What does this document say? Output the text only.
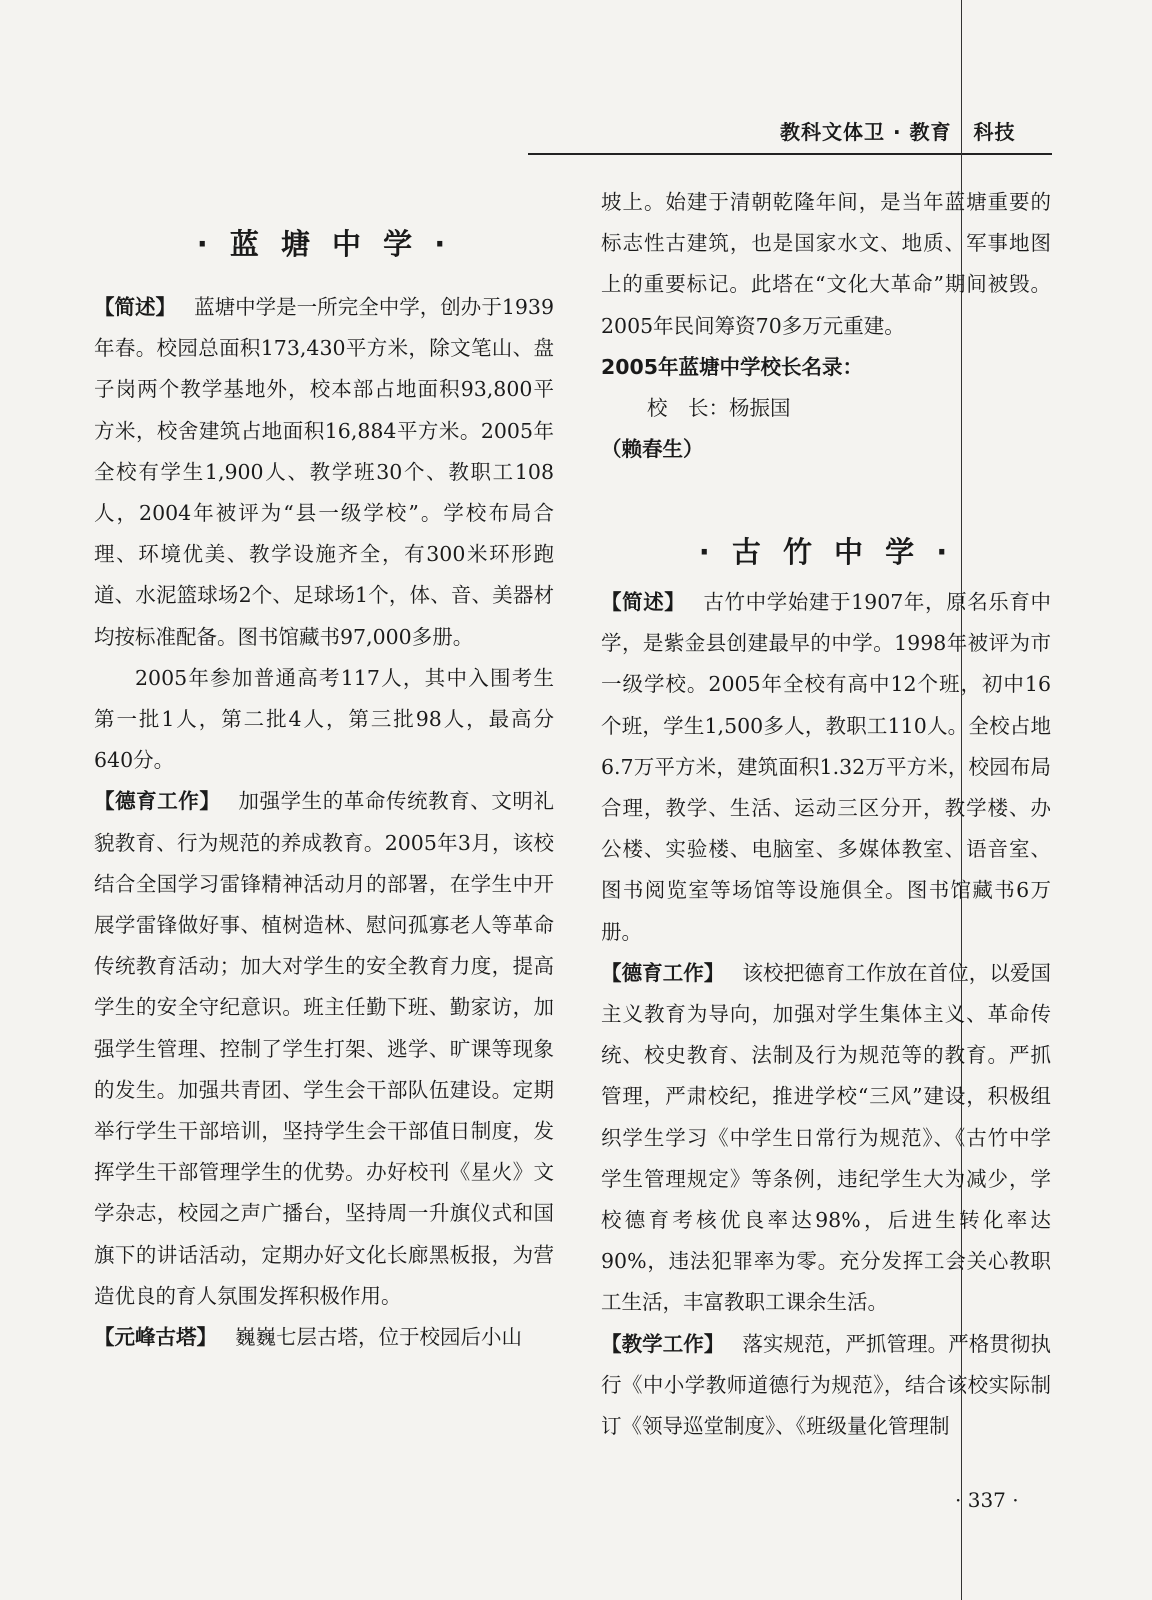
教科文体卫 · 教育 科技
· 蓝 塘 中 学 ·

【简述】 蓝塘中学是一所完全中学，创办于1939年春。校园总面积173,430平方米，除文笔山、盘子岗两个教学基地外，校本部占地面积93,800平方米，校舍建筑占地面积16,884平方米。2005年全校有学生1,900人、教学班30个、教职工108人，2004年被评为“县一级学校”。学校布局合理、环境优美、教学设施齐全，有300米环形跑道、水泥篮球场2个、足球场1个，体、音、美器材均按标准配备。图书馆藏书97,000多册。

2005年参加普通高考117人，其中入围考生第一批1人，第二批4人，第三批98人，最高分640分。

【德育工作】 加强学生的革命传统教育、文明礼貌教育、行为规范的养成教育。2005年3月，该校结合全国学习雷锋精神活动月的部署，在学生中开展学雷锋做好事、植树造林、慰问孤寡老人等革命传统教育活动；加大对学生的安全教育力度，提高学生的安全守纪意识。班主任勤下班、勤家访，加强学生管理、控制了学生打架、逃学、旷课等现象的发生。加强共青团、学生会干部队伍建设。定期举行学生干部培训，坚持学生会干部值日制度，发挥学生干部管理学生的优势。办好校刊《星火》文学杂志，校园之声广播台，坚持周一升旗仪式和国旗下的讲话活动，定期办好文化长廊黑板报，为营造优良的育人氛围发挥积极作用。

【元峰古塔】 巍巍七层古塔，位于校园后小山

坡上。始建于清朝乾隆年间，是当年蓝塘重要的标志性古建筑，也是国家水文、地质、军事地图上的重要标记。此塔在“文化大革命”期间被毁。2005年民间筹资70多万元重建。

2005年蓝塘中学校长名录：

校　长：杨振国

（赖春生）

· 古 竹 中 学 ·

【简述】 古竹中学始建于1907年，原名乐育中学，是紫金县创建最早的中学。1998年被评为市一级学校。2005年全校有高中12个班，初中16个班，学生1,500多人，教职工110人。全校占地6.7万平方米，建筑面积1.32万平方米，校园布局合理，教学、生活、运动三区分开，教学楼、办公楼、实验楼、电脑室、多媒体教室、语音室、图书阅览室等场馆等设施俱全。图书馆藏书6万册。

【德育工作】 该校把德育工作放在首位，以爱国主义教育为导向，加强对学生集体主义、革命传统、校史教育、法制及行为规范等的教育。严抓管理，严肃校纪，推进学校“三风”建设，积极组织学生学习《中学生日常行为规范》、《古竹中学学生管理规定》等条例，违纪学生大为减少，学校德育考核优良率达98%，后进生转化率达90%，违法犯罪率为零。充分发挥工会关心教职工生活，丰富教职工课余生活。

【教学工作】 落实规范，严抓管理。严格贯彻执行《中小学教师道德行为规范》，结合该校实际制订《领导巡堂制度》、《班级量化管理制

· 337 ·
